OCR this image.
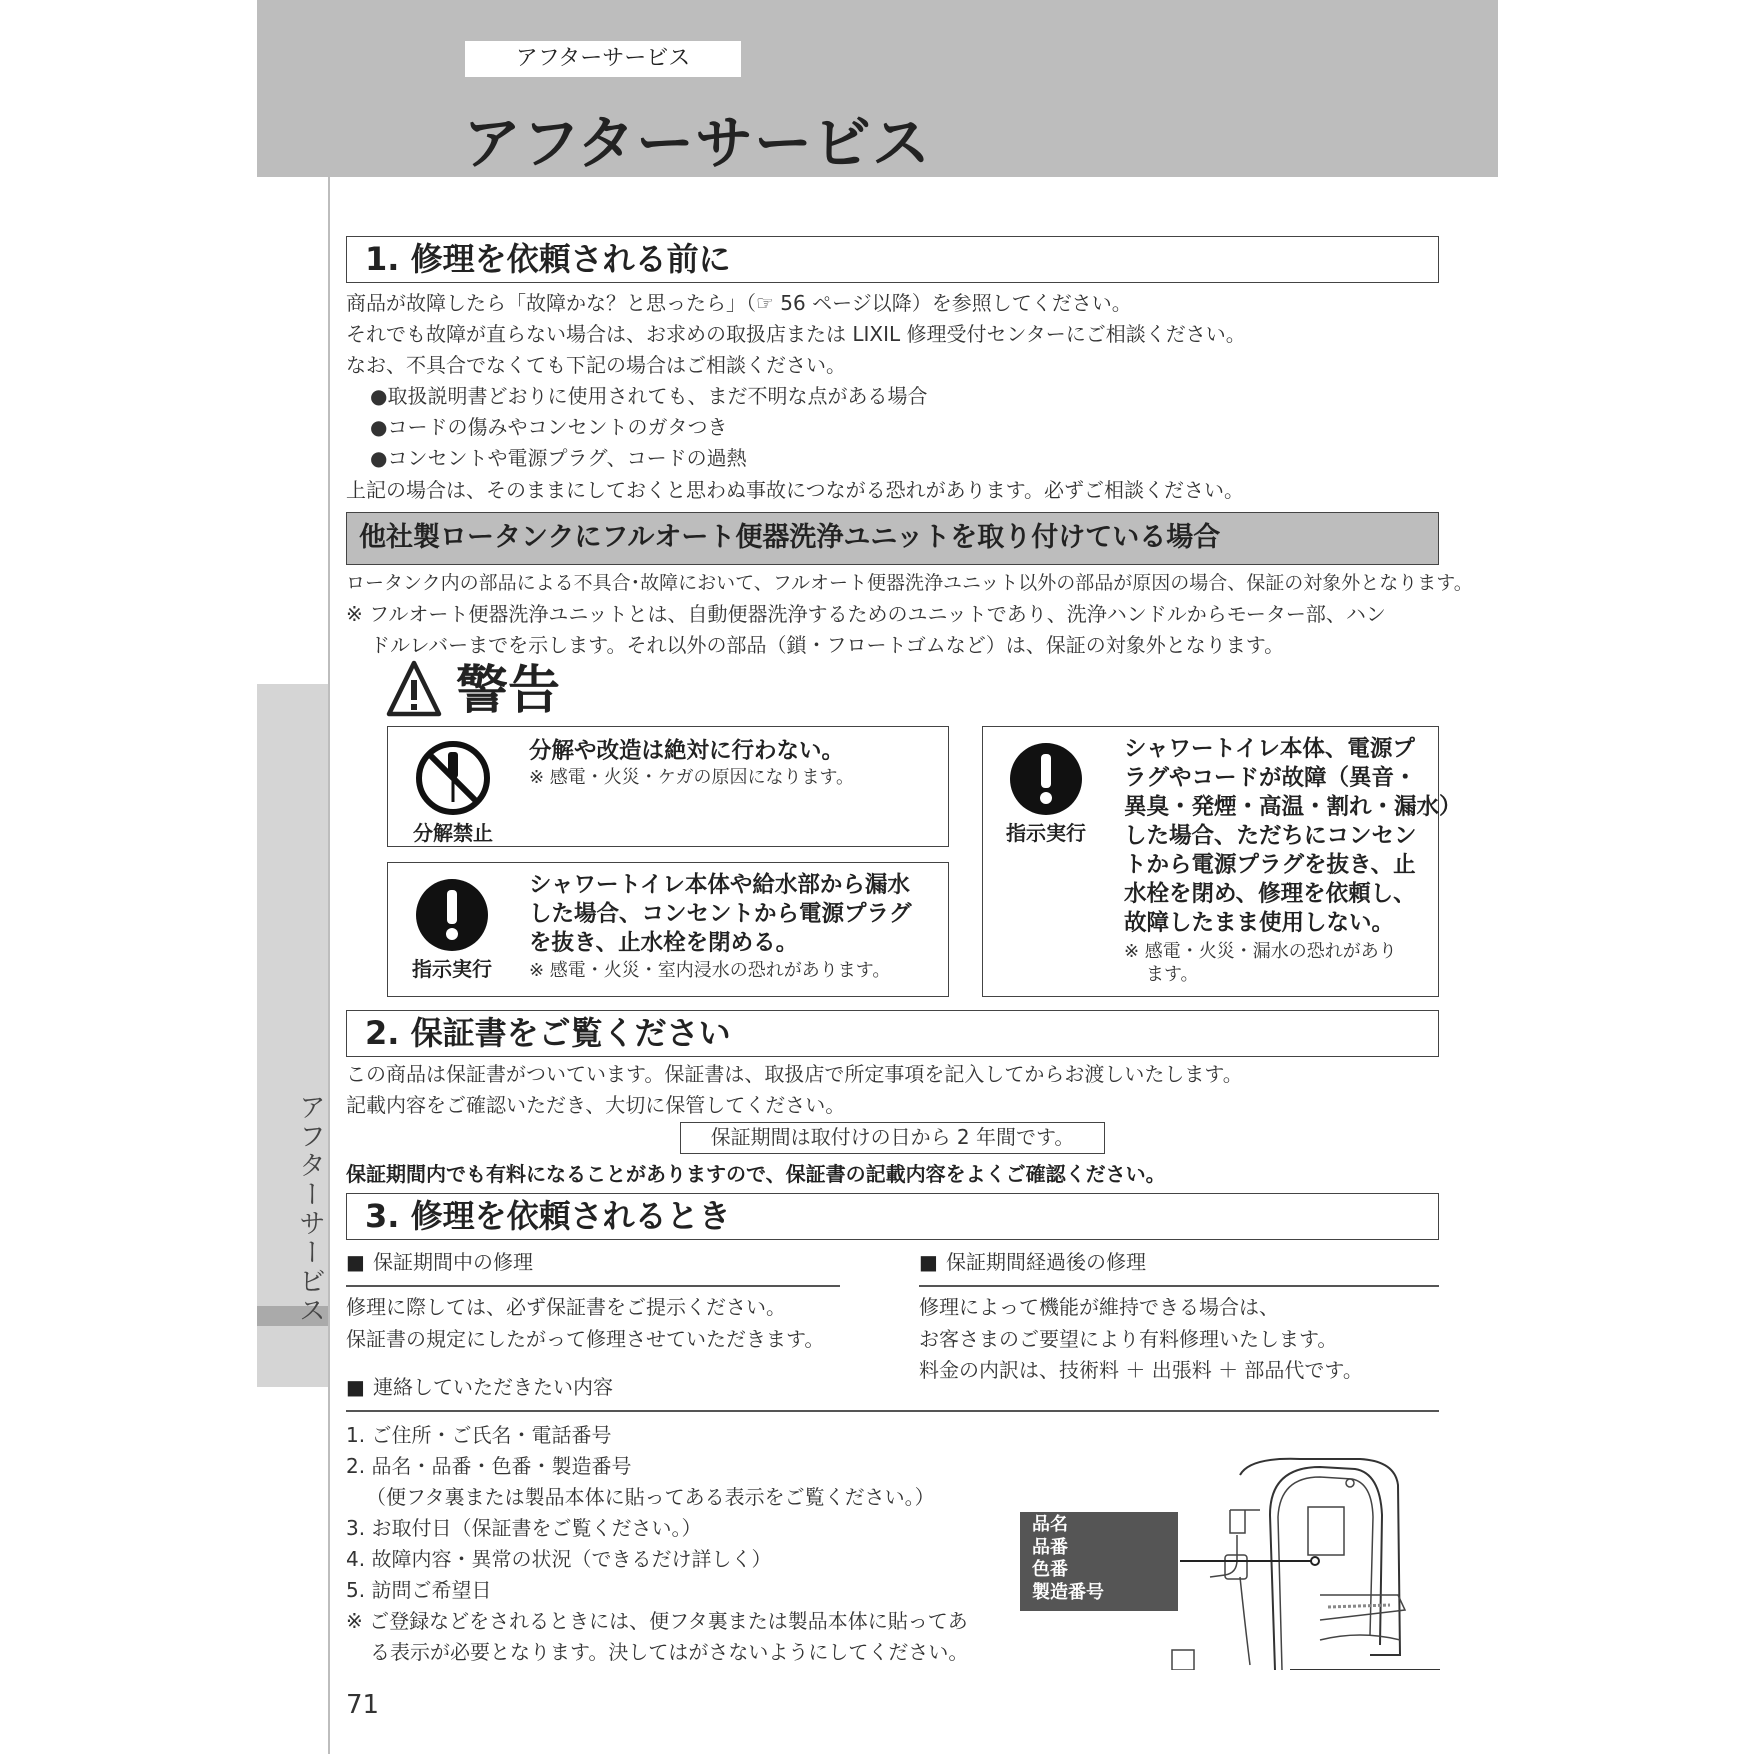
アフターサービス
アフターサービス
アフターサービス
1. 修理を依頼される前に
商品が故障したら「故障かな？と思ったら」（☞ 56 ページ以降）を参照してください。
それでも故障が直らない場合は、お求めの取扱店または LIXIL 修理受付センターにご相談ください。
なお、不具合でなくても下記の場合はご相談ください。
●取扱説明書どおりに使用されても、まだ不明な点がある場合
●コードの傷みやコンセントのガタつき
●コンセントや電源プラグ、コードの過熱
上記の場合は、そのままにしておくと思わぬ事故につながる恐れがあります。必ずご相談ください。
他社製ロータンクにフルオート便器洗浄ユニットを取り付けている場合
ロータンク内の部品による不具合･故障において、フルオート便器洗浄ユニット以外の部品が原因の場合、保証の対象外となります。
※ フルオート便器洗浄ユニットとは、自動便器洗浄するためのユニットであり、洗浄ハンドルからモーター部、ハン
ドルレバーまでを示します。それ以外の部品（鎖・フロートゴムなど）は、保証の対象外となります。
警告
分解禁止
分解や改造は絶対に行わない。
※ 感電・火災・ケガの原因になります。
指示実行
シャワートイレ本体や給水部から漏水
した場合、コンセントから電源プラグ
を抜き、止水栓を閉める。
※ 感電・火災・室内浸水の恐れがあります。
指示実行
シャワートイレ本体、電源プ
ラグやコードが故障（異音・
異臭・発煙・高温・割れ・漏水）
した場合、ただちにコンセン
トから電源プラグを抜き、止
水栓を閉め、修理を依頼し、
故障したまま使用しない。
※ 感電・火災・漏水の恐れがあり
ます。
2. 保証書をご覧ください
この商品は保証書がついています。保証書は、取扱店で所定事項を記入してからお渡しいたします。
記載内容をご確認いただき、大切に保管してください。
保証期間は取付けの日から 2 年間です。
保証期間内でも有料になることがありますので、保証書の記載内容をよくご確認ください。
3. 修理を依頼されるとき
■ 保証期間中の修理
修理に際しては、必ず保証書をご提示ください。
保証書の規定にしたがって修理させていただきます。
■ 保証期間経過後の修理
修理によって機能が維持できる場合は、
お客さまのご要望により有料修理いたします。
料金の内訳は、技術料 ＋ 出張料 ＋ 部品代です。
■ 連絡していただきたい内容
1. ご住所・ご氏名・電話番号
2. 品名・品番・色番・製造番号
（便フタ裏または製品本体に貼ってある表示をご覧ください。）
3. お取付日（保証書をご覧ください。）
4. 故障内容・異常の状況（できるだけ詳しく）
5. 訪問ご希望日
※ ご登録などをされるときには、便フタ裏または製品本体に貼ってあ
る表示が必要となります。決してはがさないようにしてください。
品名
品番
色番
製造番号
71
